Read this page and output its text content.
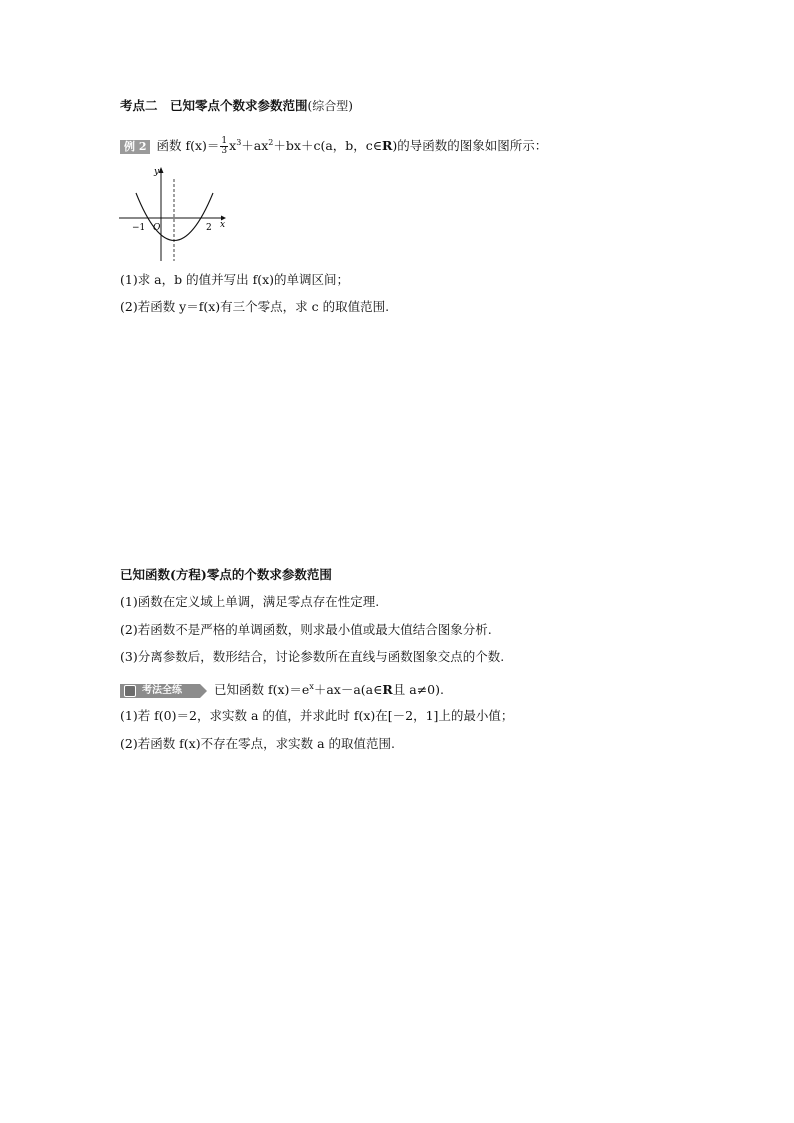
考点二　已知零点个数求参数范围(综合型)
例 2 函数 $f(x)= \frac{1}{3} x^3+ax^2+bx+c(a$，b，c∈R)的导函数的图象如图所示：
y
x
O
−1	2
(1)求 a，b 的值并写出 f(x)的单调区间；
(2)若函数 y＝f(x)有三个零点，求 c 的取值范围.
已知函数(方程)零点的个数求参数范围
(1)函数在定义域上单调，满足零点存在性定理.
(2)若函数不是严格的单调函数，则求最小值或最大值结合图象分析.
(3)分离参数后，数形结合，讨论参数所在直线与函数图象交点的个数.
考法全练	已知函数 $f(x)=e^x+ax-a(a\in R$且 a≠0).
(1)若 f(0)＝2，求实数 a 的值，并求此时 f(x)在[－2，1]上的最小值；
(2)若函数 f(x)不存在零点，求实数 a 的取值范围.
